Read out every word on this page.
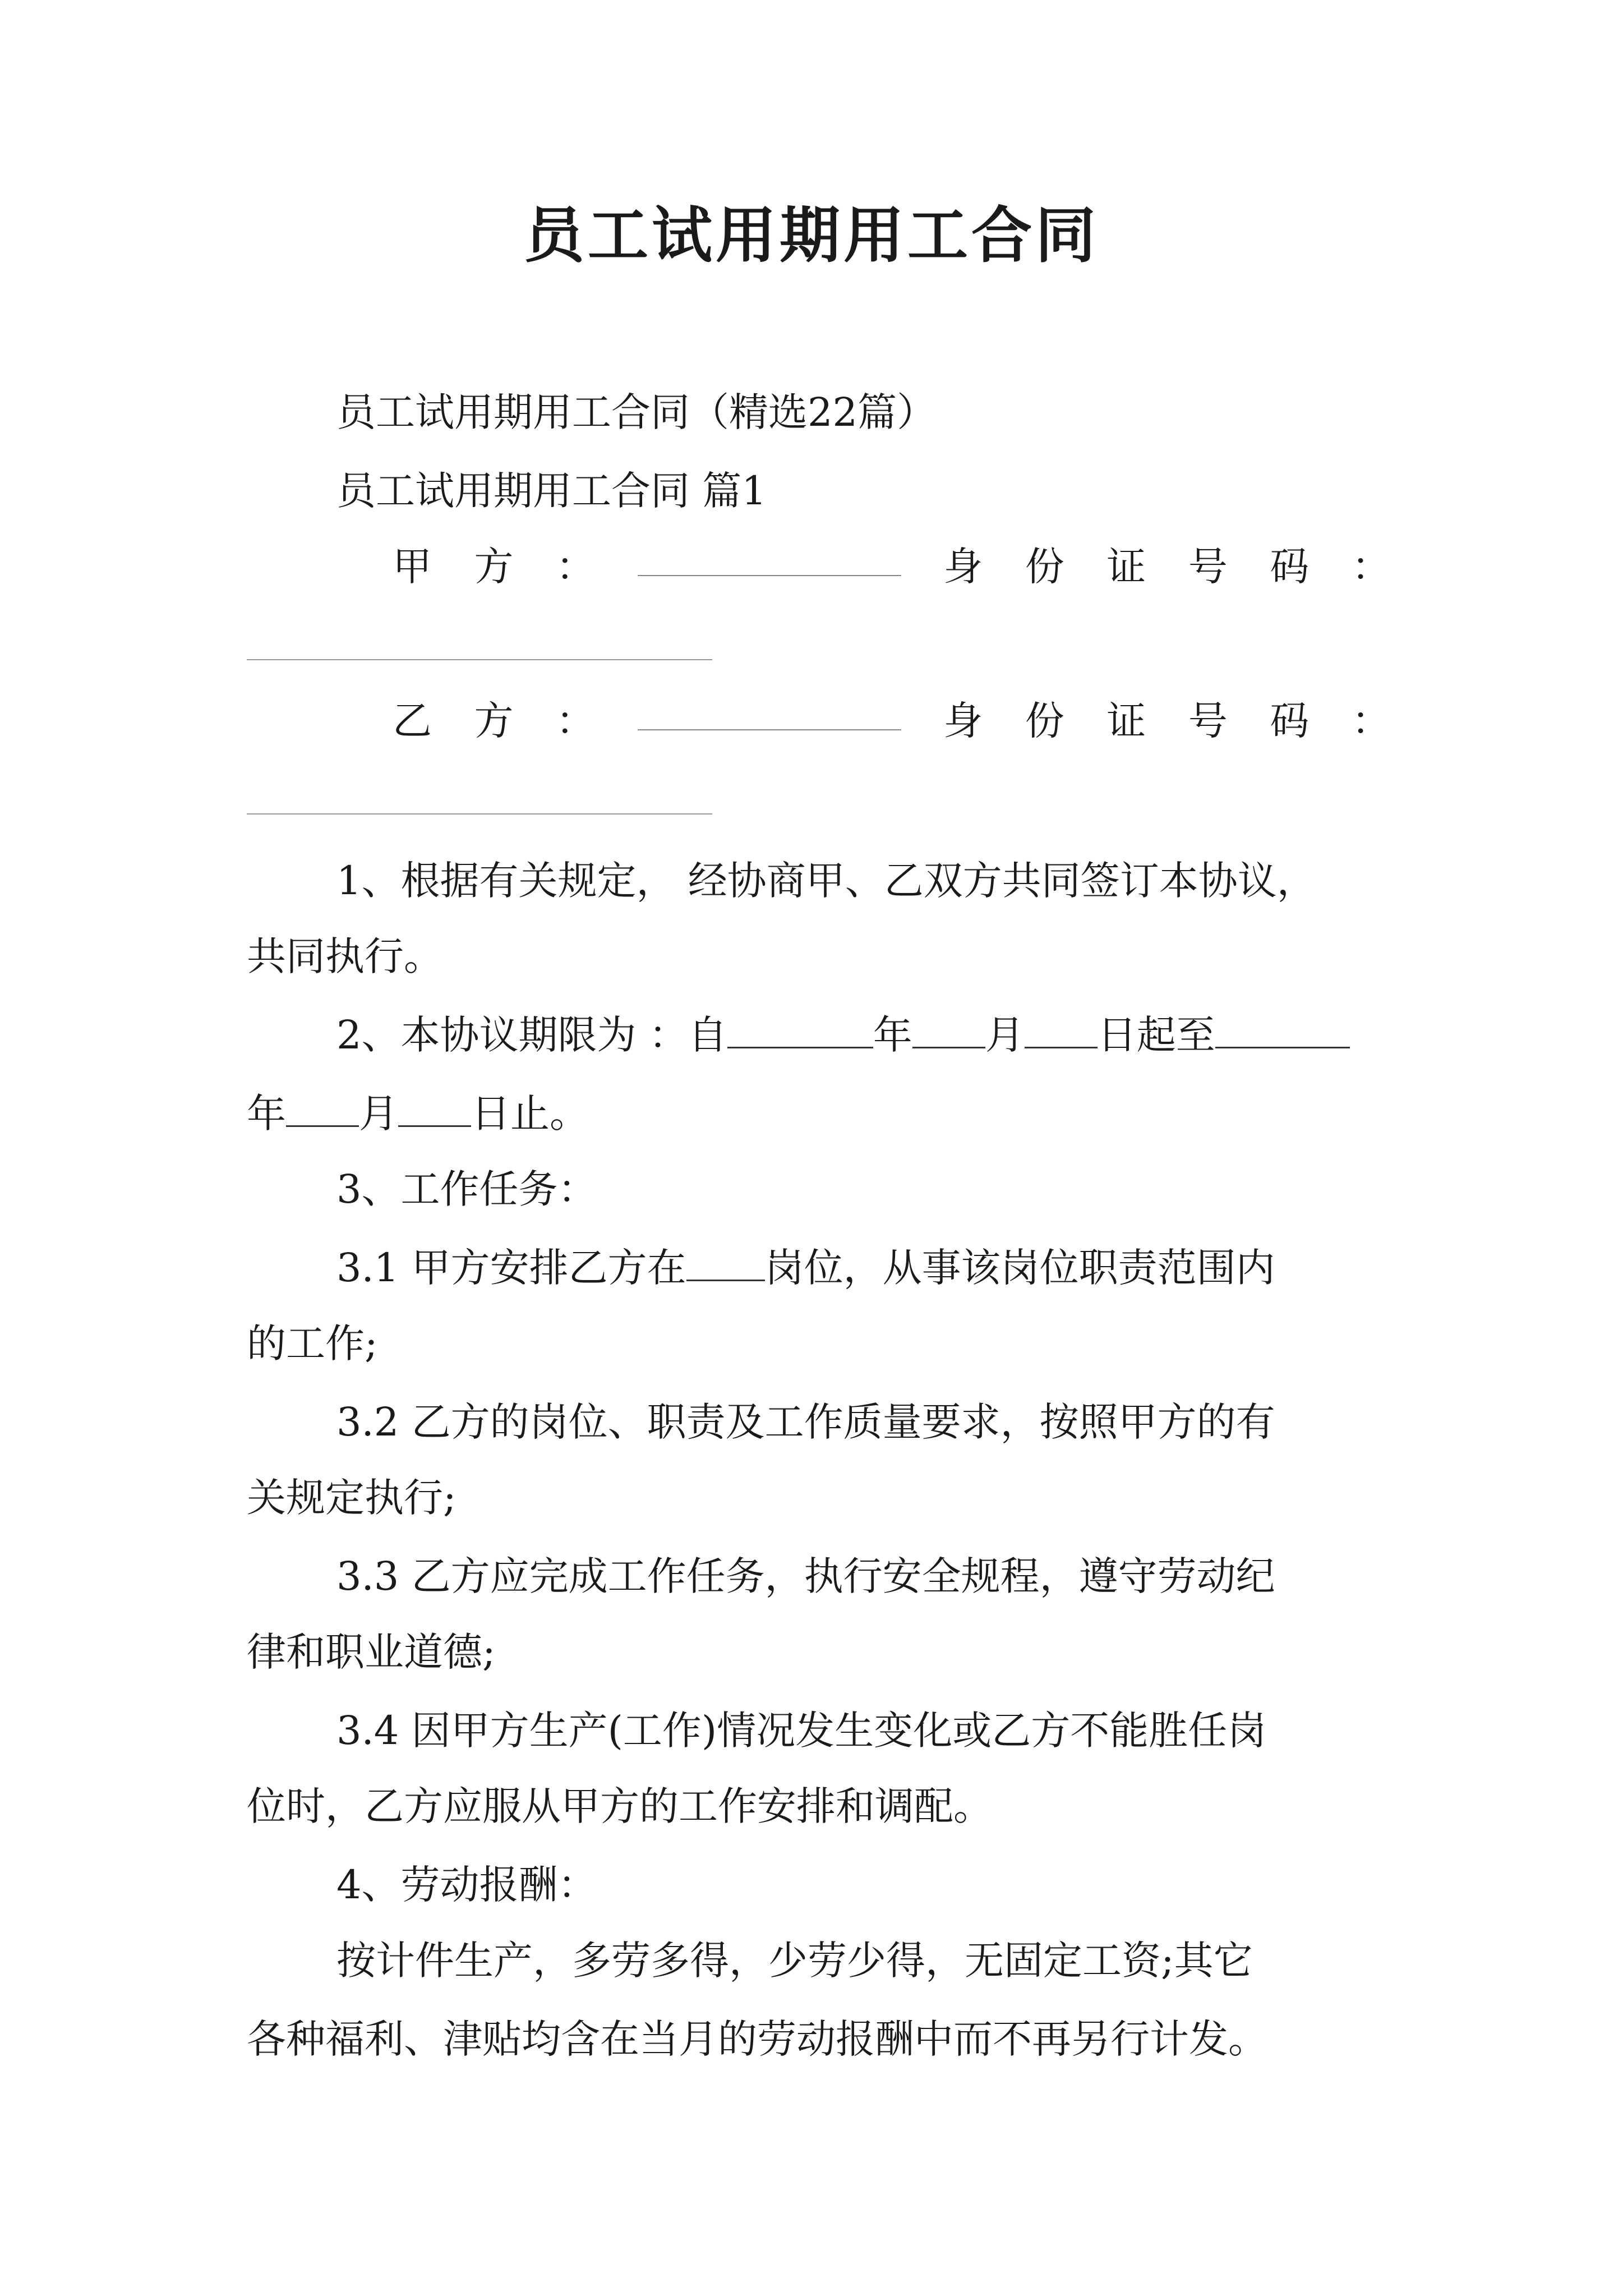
员工试用期用工合同
员工试用期用工合同（精选22篇）
员工试用期用工合同 篇1
甲 方 ：	身 份 证 号 码 ：
乙 方 ：	身 份 证 号 码 ：
1、根据有关规定， 经协商甲、乙双方共同签订本协议，
共同执行。
2、本协议期限为 ：自	年 月 日起至
年 月 日止。
3、工作任务：
3.1 甲方安排乙方在 岗位，从事该岗位职责范围内
的工作;
3.2 乙方的岗位、职责及工作质量要求，按照甲方的有
关规定执行;
3.3 乙方应完成工作任务，执行安全规程，遵守劳动纪
律和职业道德;
3.4 因甲方生产(工作)情况发生变化或乙方不能胜任岗
位时，乙方应服从甲方的工作安排和调配。
4、劳动报酬：
按计件生产，多劳多得，少劳少得，无固定工资;其它
各种福利、津贴均含在当月的劳动报酬中而不再另行计发。
